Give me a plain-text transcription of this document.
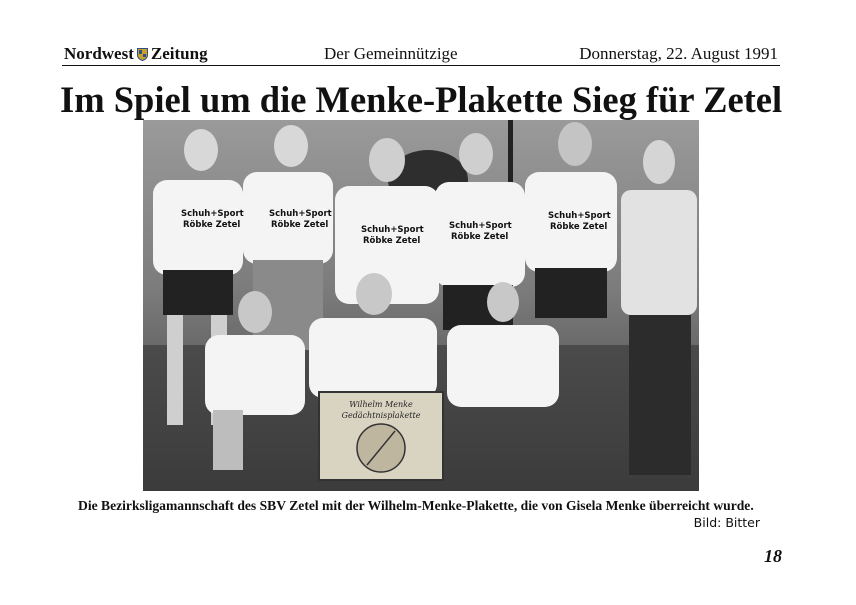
Nordwest Zeitung	Der Gemeinnützige	Donnerstag, 22. August 1991
Im Spiel um die Menke-Plakette Sieg für Zetel
Schuh+Sport
Röbke Zetel
Schuh+Sport
Röbke Zetel	Schuh+Sport
Röbke Zetel
Schuh+Sport
Röbke Zetel
Schuh+Sport
Röbke Zetel
Wilhelm Menke
Gedächtnisplakette
Die Bezirksligamannschaft des SBV Zetel mit der Wilhelm-Menke-Plakette, die von Gisela Menke überreicht wurde.
Bild: Bitter
18
